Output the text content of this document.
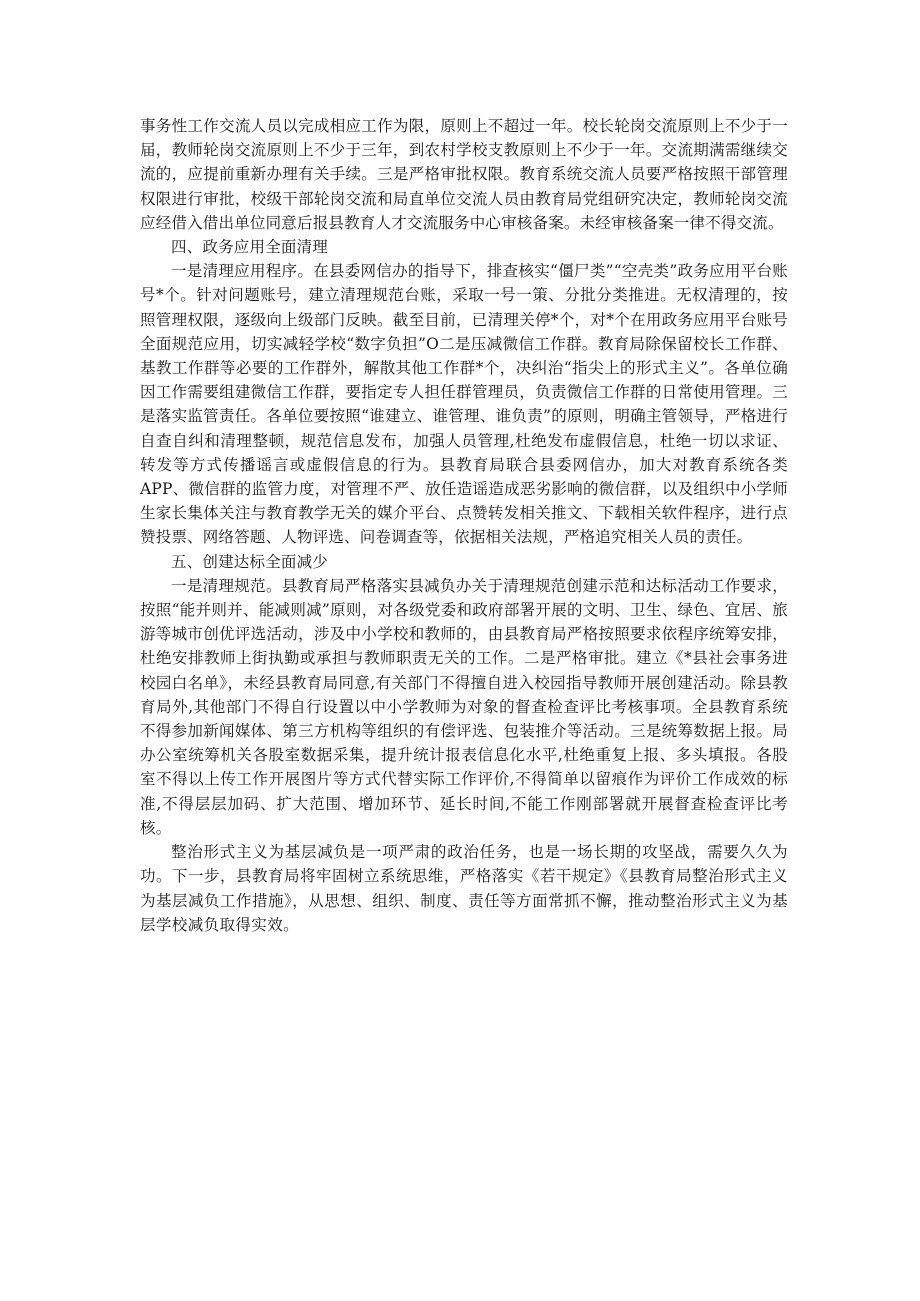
事务性工作交流人员以完成相应工作为限，原则上不超过一年。校长轮岗交流原则上不少于一届，教师轮岗交流原则上不少于三年，到农村学校支教原则上不少于一年。交流期满需继续交流的，应提前重新办理有关手续。三是严格审批权限。教育系统交流人员要严格按照干部管理权限进行审批，校级干部轮岗交流和局直单位交流人员由教育局党组研究决定，教师轮岗交流应经借入借出单位同意后报县教育人才交流服务中心审核备案。未经审核备案一律不得交流。

四、政务应用全面清理

一是清理应用程序。在县委网信办的指导下，排查核实“僵尸类”“空壳类”政务应用平台账号*个。针对问题账号，建立清理规范台账，采取一号一策、分批分类推进。无权清理的，按照管理权限，逐级向上级部门反映。截至目前，已清理关停*个，对*个在用政务应用平台账号全面规范应用，切实减轻学校“数字负担”O二是压减微信工作群。教育局除保留校长工作群、基教工作群等必要的工作群外，解散其他工作群*个，决纠治“指尖上的形式主义”。各单位确因工作需要组建微信工作群，要指定专人担任群管理员，负责微信工作群的日常使用管理。三是落实监管责任。各单位要按照“谁建立、谁管理、谁负责”的原则，明确主管领导，严格进行自查自纠和清理整顿，规范信息发布，加强人员管理,杜绝发布虚假信息，杜绝一切以求证、转发等方式传播谣言或虚假信息的行为。县教育局联合县委网信办，加大对教育系统各类APP、微信群的监管力度，对管理不严、放任造谣造成恶劣影响的微信群，以及组织中小学师生家长集体关注与教育教学无关的媒介平台、点赞转发相关推文、下载相关软件程序，进行点赞投票、网络答题、人物评选、问卷调查等，依据相关法规，严格追究相关人员的责任。

五、创建达标全面减少

一是清理规范。县教育局严格落实县减负办关于清理规范创建示范和达标活动工作要求，按照“能并则并、能减则减”原则，对各级党委和政府部署开展的文明、卫生、绿色、宜居、旅游等城市创优评选活动，涉及中小学校和教师的，由县教育局严格按照要求依程序统筹安排，杜绝安排教师上街执勤或承担与教师职责无关的工作。二是严格审批。建立《*县社会事务进校园白名单》，未经县教育局同意,有关部门不得擅自进入校园指导教师开展创建活动。除县教育局外,其他部门不得自行设置以中小学教师为对象的督查检查评比考核事项。全县教育系统不得参加新闻媒体、第三方机构等组织的有偿评选、包装推介等活动。三是统筹数据上报。局办公室统筹机关各股室数据采集，提升统计报表信息化水平,杜绝重复上报、多头填报。各股室不得以上传工作开展图片等方式代替实际工作评价,不得简单以留痕作为评价工作成效的标准,不得层层加码、扩大范围、增加环节、延长时间,不能工作刚部署就开展督查检查评比考核。

整治形式主义为基层减负是一项严肃的政治任务，也是一场长期的攻坚战，需要久久为功。下一步，县教育局将牢固树立系统思维，严格落实《若干规定》《县教育局整治形式主义为基层减负工作措施》，从思想、组织、制度、责任等方面常抓不懈，推动整治形式主义为基层学校减负取得实效。
